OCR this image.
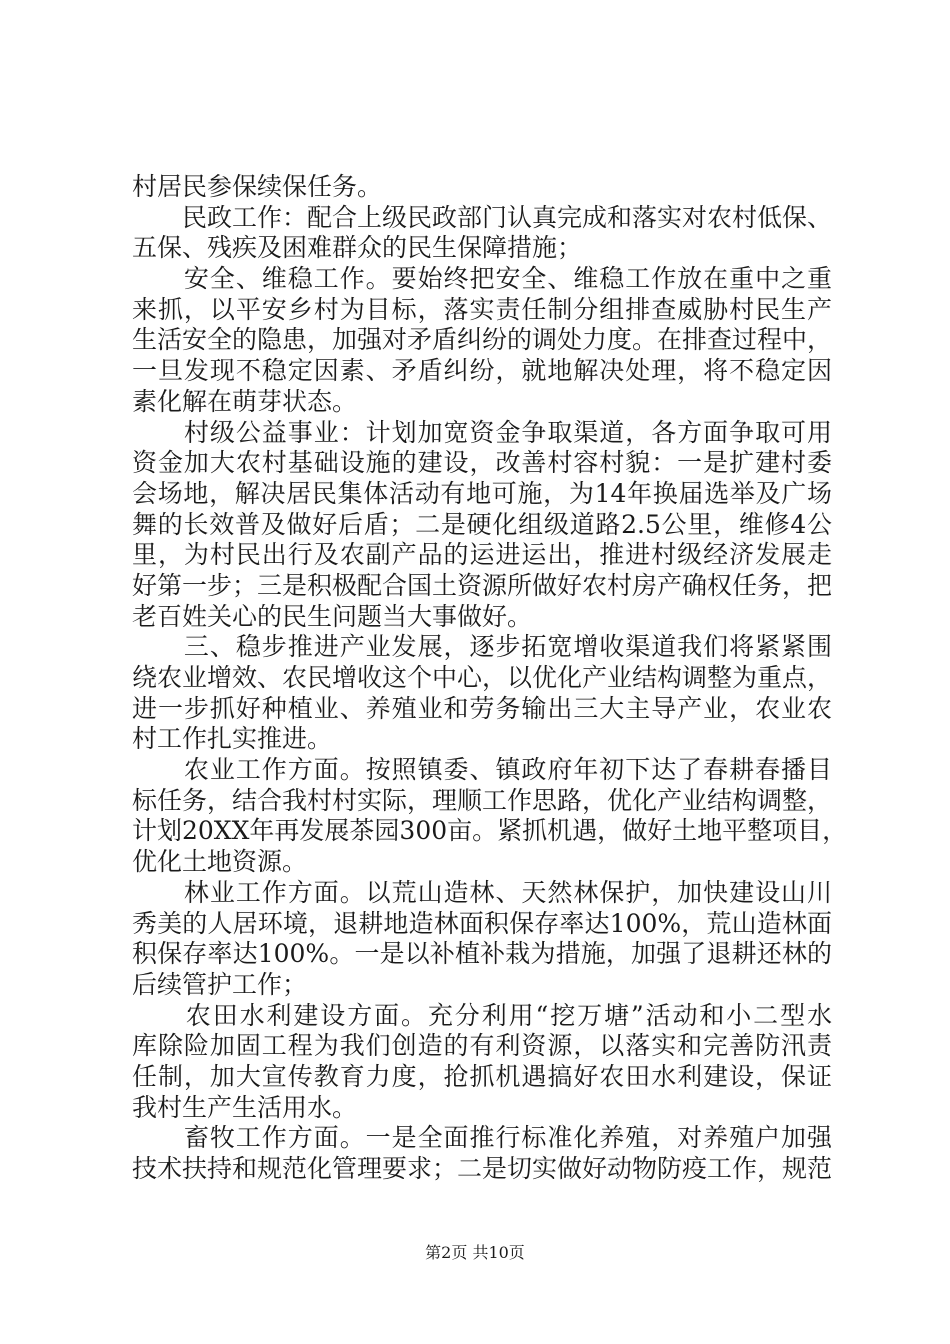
村居民参保续保任务。
　　民政工作：配合上级民政部门认真完成和落实对农村低保、
五保、残疾及困难群众的民生保障措施；
　　安全、维稳工作。要始终把安全、维稳工作放在重中之重
来抓，以平安乡村为目标，落实责任制分组排查威胁村民生产
生活安全的隐患，加强对矛盾纠纷的调处力度。在排查过程中，
一旦发现不稳定因素、矛盾纠纷，就地解决处理，将不稳定因
素化解在萌芽状态。
　　村级公益事业：计划加宽资金争取渠道，各方面争取可用
资金加大农村基础设施的建设，改善村容村貌：一是扩建村委
会场地，解决居民集体活动有地可施，为14年换届选举及广场
舞的长效普及做好后盾；二是硬化组级道路2.5公里，维修4公
里，为村民出行及农副产品的运进运出，推进村级经济发展走
好第一步；三是积极配合国土资源所做好农村房产确权任务，把
老百姓关心的民生问题当大事做好。
　　三、稳步推进产业发展，逐步拓宽增收渠道我们将紧紧围
绕农业增效、农民增收这个中心，以优化产业结构调整为重点，
进一步抓好种植业、养殖业和劳务输出三大主导产业，农业农
村工作扎实推进。
　　农业工作方面。按照镇委、镇政府年初下达了春耕春播目
标任务，结合我村村实际，理顺工作思路，优化产业结构调整，
计划20XX年再发展茶园300亩。紧抓机遇，做好土地平整项目，
优化土地资源。
　　林业工作方面。以荒山造林、天然林保护，加快建设山川
秀美的人居环境，退耕地造林面积保存率达100%，荒山造林面
积保存率达100%。一是以补植补栽为措施，加强了退耕还林的
后续管护工作；
　　农田水利建设方面。充分利用“挖万塘”活动和小二型水
库除险加固工程为我们创造的有利资源，以落实和完善防汛责
任制，加大宣传教育力度，抢抓机遇搞好农田水利建设，保证
我村生产生活用水。
　　畜牧工作方面。一是全面推行标准化养殖，对养殖户加强
技术扶持和规范化管理要求；二是切实做好动物防疫工作，规范
第2页 共10页
